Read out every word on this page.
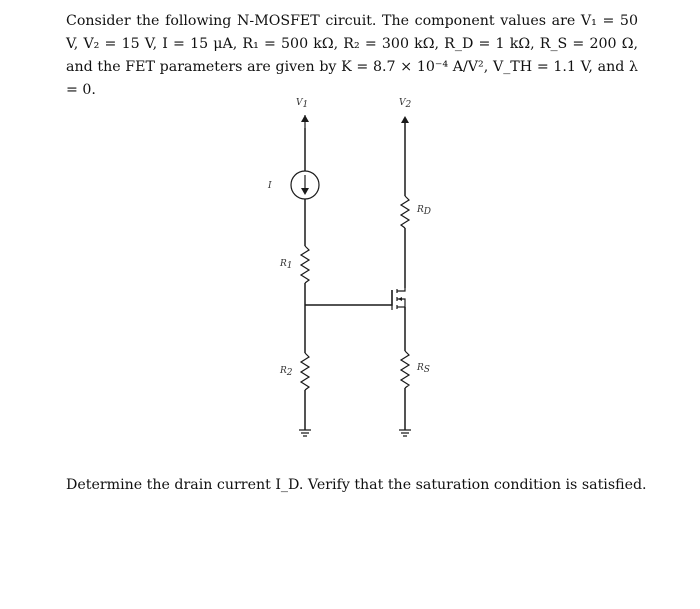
Consider the following N-MOSFET circuit. The component values are V₁ = 50 V, V₂ = 15 V, I = 15 μA, R₁ = 500 kΩ, R₂ = 300 kΩ, R_D = 1 kΩ, R_S = 200 Ω, and the FET parameters are given by K = 8.7 × 10⁻⁴ A/V², V_TH = 1.1 V, and λ = 0.

V1
I
R1
R2
V2
RD
RS

Determine the drain current I_D. Verify that the saturation condition is satisfied.
